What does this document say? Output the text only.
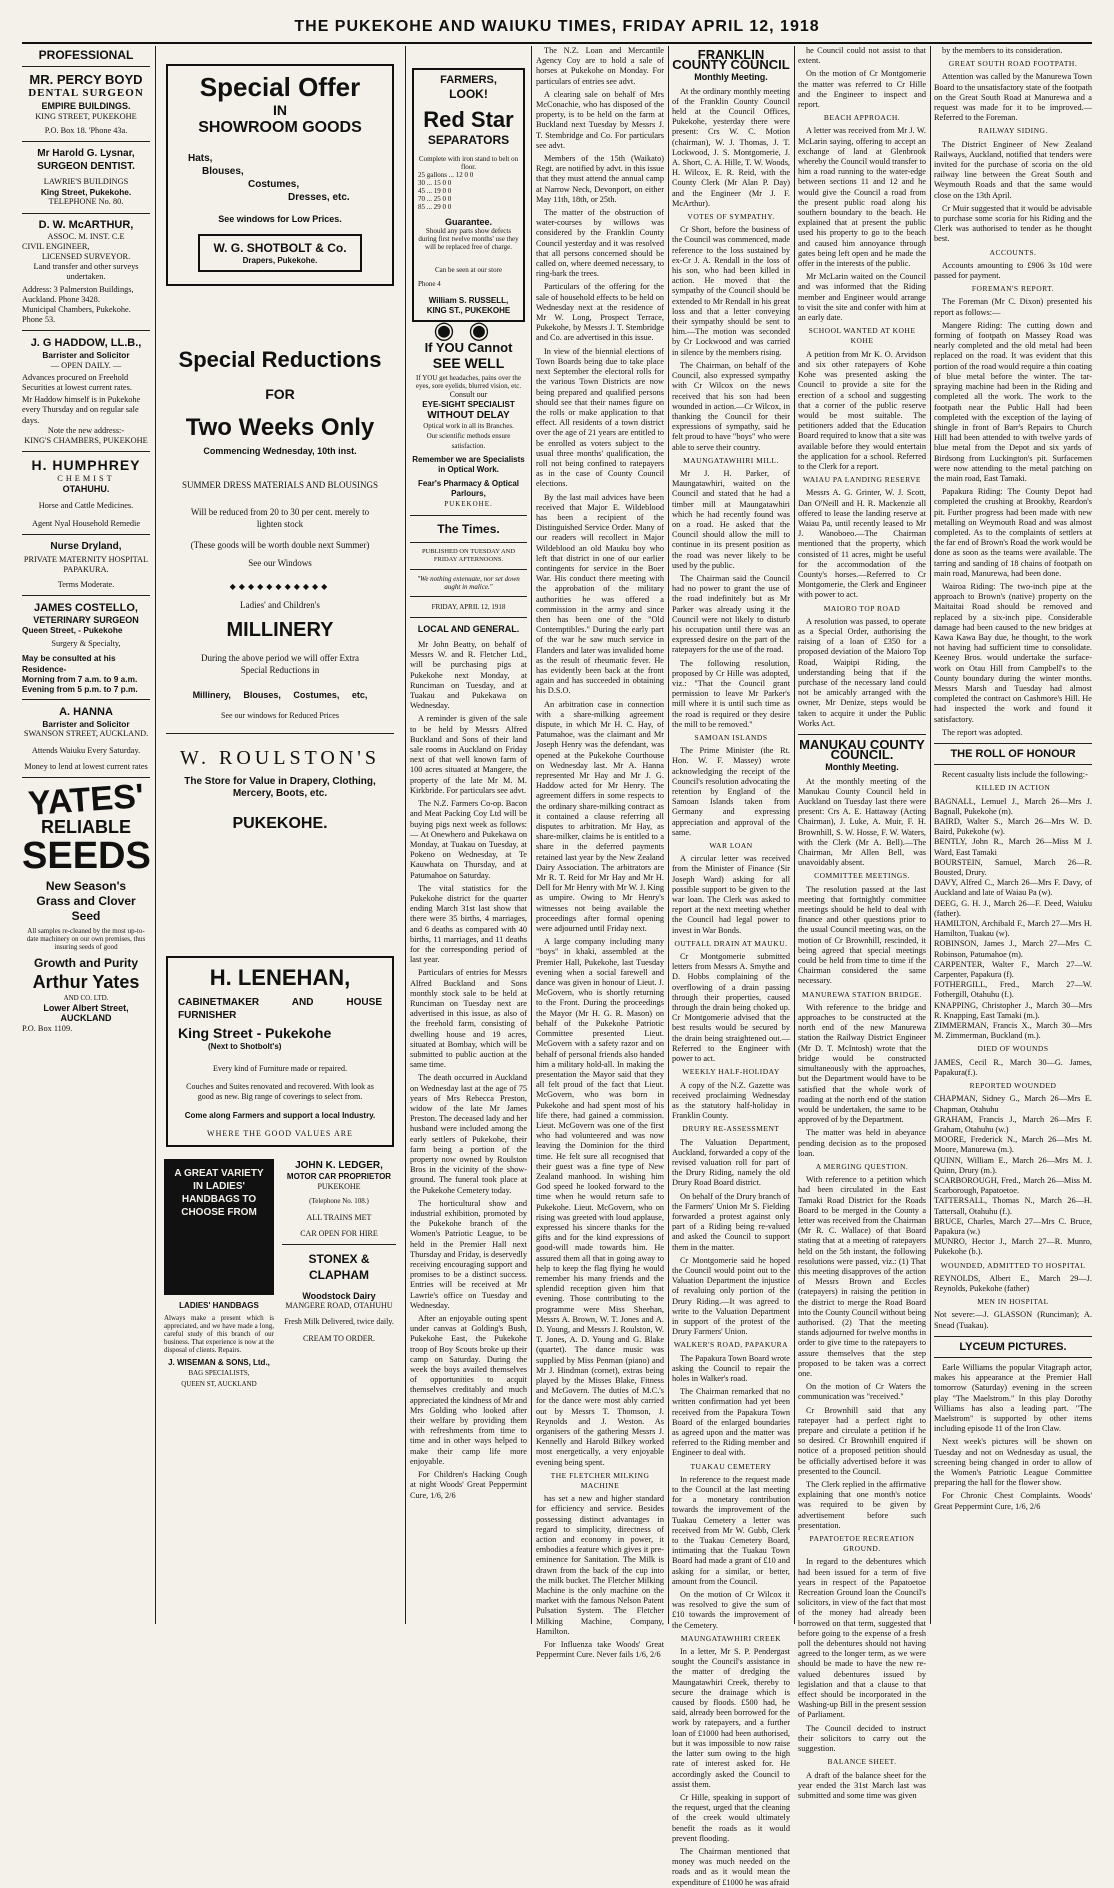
THE PUKEKOHE AND WAIUKU TIMES, FRIDAY APRIL 12, 1918
PROFESSIONAL
MR. PERCY BOYD
DENTAL SURGEON
EMPIRE BUILDINGS.
KING STREET, PUKEKOHE
P.O. Box 18. 'Phone 43a.
Mr Harold G. Lysnar,
SURGEON DENTIST.
LAWRIE'S BUILDINGS
King Street, Pukekohe.
TELEPHONE No. 80.
D. W. McARTHUR,
ASSOC. M. INST. C.E
CIVIL ENGINEER,
LICENSED SURVEYOR.
Land transfer and other surveys undertaken.
Address: 3 Palmerston Buildings, Auckland. Phone 3428.
Municipal Chambers, Pukekohe. Phone 53.
J. G HADDOW, LL.B.,
Barrister and Solicitor
— OPEN DAILY. —
Advances procured on Freehold Securities at lowest current rates.
Mr Haddow himself is in Pukekohe every Thursday and on regular sale days.
Note the new address:-
KING'S CHAMBERS, PUKEKOHE
H. HUMPHREY
CHEMIST
OTAHUHU.
Horse and Cattle Medicines.
Agent Nyal Household Remedie
Nurse Dryland,
PRIVATE MATERNITY HOSPITAL
PAPAKURA.
Terms Moderate.
JAMES COSTELLO,
VETERINARY SURGEON
Queen Street, - Pukekohe
Surgery & Specialty,
May be consulted at his Residence-
Morning from 7 a.m. to 9 a.m.
Evening from 5 p.m. to 7 p.m.
A. HANNA
Barrister and Solicitor
SWANSON STREET, AUCKLAND.
Attends Waiuku Every Saturday.
Money to lend at lowest current rates
YATES'
RELIABLE
SEEDS
New Season's
Grass and Clover
Seed
All samples re-cleaned by the most up-to-date machinery on our own premises, thus insuring seeds of good
Growth and Purity
Arthur Yates
AND CO. LTD.
Lower Albert Street,
AUCKLAND
P.O. Box 1109.
Special Offer
IN
SHOWROOM GOODS
Hats,
Blouses,
Costumes,
Dresses, etc.
See windows for Low Prices.
W. G. SHOTBOLT & Co.
Drapers, Pukekohe.
Special Reductions
FOR
Two Weeks Only
Commencing Wednesday, 10th inst.
SUMMER DRESS MATERIALS AND BLOUSINGS
Will be reduced from 20 to 30 per cent. merely to lighten stock
(These goods will be worth double next Summer)
See our Windows
◆◆◆◆◆◆◆◆◆◆◆
Ladies' and Children's
MILLINERY
During the above period we will offer Extra Special Reductions in
Millinery, Blouses, Costumes, etc,
See our windows for Reduced Prices
W. ROULSTON'S
The Store for Value in Drapery, Clothing, Mercery, Boots, etc.
PUKEKOHE.
H. LENEHAN,
CABINETMAKER AND HOUSE FURNISHER
King Street - Pukekohe
(Next to Shotbolt's)
Every kind of Furniture made or repaired.
Couches and Suites renovated and recovered. With look as good as new. Big range of coverings to select from.
Come along Farmers and support a local Industry.
WHERE THE GOOD VALUES ARE
A GREAT VARIETY IN LADIES' HANDBAGS TO CHOOSE FROM
LADIES' HANDBAGS
Always make a present which is appreciated, and we have made a long, careful study of this branch of our business. That experience is now at the disposal of clients. Repairs.
J. WISEMAN & SONS, Ltd.,
BAG SPECIALISTS,
QUEEN ST, AUCKLAND
JOHN K. LEDGER,
MOTOR CAR PROPRIETOR
PUKEKOHE
(Telephone No. 108.)
ALL TRAINS MET
CAR OPEN FOR HIRE
STONEX & CLAPHAM
Woodstock Dairy
MANGERE ROAD, OTAHUHU
Fresh Milk Delivered, twice daily.
CREAM TO ORDER.
FARMERS,
LOOK!
Red Star
SEPARATORS
Complete with iron stand to belt on floor.
25 gallons ... 12 0 0
30 ... 15 0 0
45 ... 19 0 0
70 ... 25 0 0
85 ... 29 0 0
Guarantee.
Should any parts show defects during first twelve months' use they will be replaced free of charge.
Can be seen at our store
Phone 4
William S. RUSSELL,
KING ST., PUKEKOHE
◉◉
If YOU Cannot
SEE WELL
If YOU get headaches, pains over the eyes, sore eyelids, blurred vision, etc.
Consult our
EYE-SIGHT SPECIALIST
WITHOUT DELAY
Optical work in all its Branches.
Our scientific methods ensure satisfaction.
Remember we are Specialists in Optical Work.
Fear's Pharmacy & Optical Parlours,
PUKEKOHE.
The Times.
PUBLISHED ON TUESDAY AND FRIDAY AFTERNOONS.
"We nothing extenuate, nor set down aught in malice."
FRIDAY, APRIL 12, 1918
LOCAL AND GENERAL.

Mr John Beatty, on behalf of Messrs W. and R. Fletcher Ltd., will be purchasing pigs at Pukekohe next Monday, at Runciman on Tuesday, and at Tuakau and Pukekawa on Wednesday.

A reminder is given of the sale to be held by Messrs Alfred Buckland and Sons of their land sale rooms in Auckland on Friday next of that well known farm of 100 acres situated at Mangere, the property of the late Mr M. M. Kirkbride. For particulars see advt.

The N.Z. Farmers Co-op. Bacon and Meat Packing Coy Ltd will be buying pigs next week as follows:— At Onewhero and Pukekawa on Monday, at Tuakau on Tuesday, at Pokeno on Wednesday, at Te Kauwhata on Thursday, and at Patumahoe on Saturday.

The vital statistics for the Pukekohe district for the quarter ending March 31st last show that there were 35 births, 4 marriages, and 6 deaths as compared with 40 births, 11 marriages, and 11 deaths for the corresponding period of last year.

Particulars of entries for Messrs Alfred Buckland and Sons monthly stock sale to be held at Runciman on Tuesday next are advertised in this issue, as also of the freehold farm, consisting of dwelling house and 19 acres, situated at Bombay, which will be submitted to public auction at the same time.

The death occurred in Auckland on Wednesday last at the age of 75 years of Mrs Rebecca Preston, widow of the late Mr James Preston. The deceased lady and her husband were included among the early settlers of Pukekohe, their farm being a portion of the property now owned by Roulston Bros in the vicinity of the show-ground. The funeral took place at the Pukekohe Cemetery today.

The horticultural show and industrial exhibition, promoted by the Pukekohe branch of the Women's Patriotic League, to be held in the Premier Hall next Thursday and Friday, is deservedly receiving encouraging support and promises to be a distinct success. Entries will be received at Mr Lawrie's office on Tuesday and Wednesday.

After an enjoyable outing spent under canvas at Golding's Bush, Pukekohe East, the Pukekohe troop of Boy Scouts broke up their camp on Saturday. During the week the boys availed themselves of opportunities to acquit themselves creditably and much appreciated the kindness of Mr and Mrs Golding who looked after their welfare by providing them with refreshments from time to time and in other ways helped to make their camp life more enjoyable.

For Children's Hacking Cough at night Woods' Great Peppermint Cure, 1/6, 2/6

The N.Z. Loan and Mercantile Agency Coy are to hold a sale of horses at Pukekohe on Monday. For particulars of entries see advt.

A clearing sale on behalf of Mrs McConachie, who has disposed of the property, is to be held on the farm at Buckland next Tuesday by Messrs J. T. Stembridge and Co. For particulars see advt.

Members of the 15th (Waikato) Regt. are notified by advt. in this issue that they must attend the annual camp at Narrow Neck, Devonport, on either May 11th, 18th, or 25th.

The matter of the obstruction of water-courses by willows was considered by the Franklin County Council yesterday and it was resolved that all persons concerned should be called on, where deemed necessary, to ring-bark the trees.

Particulars of the offering for the sale of household effects to be held on Wednesday next at the residence of Mr W. Long, Prospect Terrace, Pukekohe, by Messrs J. T. Stembridge and Co. are advertised in this issue.

In view of the biennial elections of Town Boards being due to take place next September the electoral rolls for the various Town Districts are now being prepared and qualified persons should see that their names figure on the rolls or make application to that effect. All residents of a town district over the age of 21 years are entitled to be enrolled as voters subject to the usual three months' qualification, the roll not being confined to ratepayers as in the case of County Council elections.

By the last mail advices have been received that Major E. Wildeblood has been a recipient of the Distinguished Service Order. Many of our readers will recollect in Major Wildeblood an old Mauku boy who left that district in one of our earlier contingents for service in the Boer War. His conduct there meeting with the approbation of the military authorities he was offered a commission in the army and since then has been one of the "Old Contemptibles." During the early part of the war he saw much service in Flanders and later was invalided home as the result of rheumatic fever. He has evidently been back at the front again and has succeeded in obtaining his D.S.O.

An arbitration case in connection with a share-milking agreement dispute, in which Mr H. C. Hay, of Patumahoe, was the claimant and Mr Joseph Henry was the defendant, was opened at the Pukekohe Courthouse on Wednesday last. Mr A. Hanna represented Mr Hay and Mr J. G. Haddow acted for Mr Henry. The agreement differs in some respects to the ordinary share-milking contract as it contained a clause referring all disputes to arbitration. Mr Hay, as share-milker, claims he is entitled to a share in the deferred payments retained last year by the New Zealand Dairy Association. The arbitrators are Mr R. T. Reid for Mr Hay and Mr H. Dell for Mr Henry with Mr W. J. King as umpire. Owing to Mr Henry's witnesses not being available the proceedings after formal opening were adjourned until Friday next.

A large company including many "boys" in khaki, assembled at the Premier Hall, Pukekohe, last Tuesday evening when a social farewell and dance was given in honour of Lieut. J. McGovern, who is shortly returning to the Front. During the proceedings the Mayor (Mr H. G. R. Mason) on behalf of the Pukekohe Patriotic Committee presented Lieut. McGovern with a safety razor and on behalf of personal friends also handed him a military hold-all. In making the presentation the Mayor said that they all felt proud of the fact that Lieut. McGovern, who was born in Pukekohe and had spent most of his life there, had gained a commission. Lieut. McGovern was one of the first who had volunteered and was now leaving the Dominion for the third time. He felt sure all recognised that their guest was a fine type of New Zealand manhood. In wishing him God speed he looked forward to the time when he would return safe to Pukekohe. Lieut. McGovern, who on rising was greeted with loud applause, expressed his sincere thanks for the gifts and for the kind expressions of good-will made towards him. He assured them all that in going away to help to keep the flag flying he would remember his many friends and the splendid reception given him that evening. Those contributing to the programme were Miss Sheehan, Messrs A. Brown, W. T. Jones and A. D. Young, and Messrs J. Roulston, W. T. Jones, A. D. Young and G. Blake (quartet). The dance music was supplied by Miss Penman (piano) and Mr J. Hindman (cornet), extras being played by the Misses Blake, Fitness and McGovern. The duties of M.C.'s for the dance were most ably carried out by Messrs T. Thomson, J. Reynolds and J. Weston. As organisers of the gathering Messrs J. Kennelly and Harold Bilkey worked most energetically, a very enjoyable evening being spent.

THE FLETCHER MILKING MACHINE

has set a new and higher standard for efficiency and service. Besides possessing distinct advantages in regard to simplicity, directness of action and economy in power, it embodies a feature which gives it pre-eminence for Sanitation. The Milk is drawn from the back of the cup into the milk bucket. The Fletcher Milking Machine is the only machine on the market with the famous Nelson Patent Pulsation System. The Fletcher Milking Machine, Company, Hamilton.

For Influenza take Woods' Great Peppermint Cure. Never fails 1/6, 2/6

FRANKLIN COUNTY COUNCIL
Monthly Meeting.

At the ordinary monthly meeting of the Franklin County Council held at the Council Offices, Pukekohe, yesterday there were present: Crs W. C. Motion (chairman), W. J. Thomas, J. T. Lockwood, J. S. Montgomerie, J. A. Short, C. A. Hille, T. W. Woods, H. Wilcox, E. R. Reid, with the County Clerk (Mr Alan P. Day) and the Engineer (Mr J. F. McArthur).

VOTES OF SYMPATHY.

Cr Short, before the business of the Council was commenced, made reference to the loss sustained by ex-Cr J. A. Rendall in the loss of his son, who had been killed in action. He moved that the sympathy of the Council should be extended to Mr Rendall in his great loss and that a letter conveying their sympathy should be sent to him.—The motion was seconded by Cr Lockwood and was carried in silence by the members rising.

The Chairman, on behalf of the Council, also expressed sympathy with Cr Wilcox on the news received that his son had been wounded in action.—Cr Wilcox, in thanking the Council for their expressions of sympathy, said he felt proud to have "boys" who were able to serve their country.

MAUNGATAWHIRI MILL.

Mr J. H. Parker, of Maungatawhiri, waited on the Council and stated that he had a timber mill at Maungatawhiri which he had recently found was on a road. He asked that the Council should allow the mill to continue in its present position as the road was never likely to be used by the public.

The Chairman said the Council had no power to grant the use of the road indefinitely but as Mr Parker was already using it the Council were not likely to disturb his occupation until there was an expressed desire on the part of the ratepayers for the use of the road.

The following resolution, proposed by Cr Hille was adopted, viz.: "That the Council grant permission to leave Mr Parker's mill where it is until such time as the road is required or they desire the mill to be removed."

SAMOAN ISLANDS

The Prime Minister (the Rt. Hon. W. F. Massey) wrote acknowledging the receipt of the Council's resolution advocating the retention by England of the Samoan Islands taken from Germany and expressing appreciation and approval of the same.

WAR LOAN

A circular letter was received from the Minister of Finance (Sir Joseph Ward) asking for all possible support to be given to the war loan. The Clerk was asked to report at the next meeting whether the Council had legal power to invest in War Bonds.

OUTFALL DRAIN AT MAUKU.

Cr Montgomerie submitted letters from Messrs A. Smythe and D. Hobbs complaining of the overflowing of a drain passing through their properties, caused through the drain being choked up. Cr Montgomerie advised that the best results would be secured by the drain being straightened out.—Referred to the Engineer with power to act.

WEEKLY HALF-HOLIDAY

A copy of the N.Z. Gazette was received proclaiming Wednesday as the statutory half-holiday in Franklin County.

DRURY RE-ASSESSMENT

The Valuation Department, Auckland, forwarded a copy of the revised valuation roll for part of the Drury Riding, namely the old Drury Road Board district.

On behalf of the Drury branch of the Farmers' Union Mr S. Fielding forwarded a protest against only part of a Riding being re-valued and asked the Council to support them in the matter.

Cr Montgomerie said he hoped the Council would point out to the Valuation Department the injustice of revaluing only portion of the Drury Riding.—It was agreed to write to the Valuation Department in support of the protest of the Drury Farmers' Union.

WALKER'S ROAD, PAPAKURA

The Papakura Town Board wrote asking the Council to repair the holes in Walker's road.

The Chairman remarked that no written confirmation had yet been received from the Papakura Town Board of the enlarged boundaries as agreed upon and the matter was referred to the Riding member and Engineer to deal with.

TUAKAU CEMETERY

In reference to the request made to the Council at the last meeting for a monetary contribution towards the improvement of the Tuakau Cemetery a letter was received from Mr W. Gubb, Clerk to the Tuakau Cemetery Board, intimating that the Tuakau Town Board had made a grant of £10 and asking for a similar, or better, amount from the Council.

On the motion of Cr Wilcox it was resolved to give the sum of £10 towards the improvement of the Cemetery.

MAUNGATAWHIRI CREEK

In a letter, Mr S. P. Pendergast sought the Council's assistance in the matter of dredging the Maungatawhiri Creek, thereby to secure the drainage which is caused by floods. £500 had, he said, already been borrowed for the work by ratepayers, and a further loan of £1000 had been authorised, but it was impossible to now raise the latter sum owing to the high rate of interest asked for. He accordingly asked the Council to assist them.

Cr Hille, speaking in support of the request, urged that the cleaning of the creek would ultimately benefit the roads as it would prevent flooding.

The Chairman mentioned that money was much needed on the roads and as it would mean the expenditure of £1000 he was afraid

he Council could not assist to that extent.

On the motion of Cr Montgomerie the matter was referred to Cr Hille and the Engineer to inspect and report.

BEACH APPROACH.

A letter was received from Mr J. W. McLarin saying, offering to accept an exchange of land at Glenbrook whereby the Council would transfer to him a road running to the water-edge between sections 11 and 12 and he would give the Council a road from the present public road along his southern boundary to the beach. He explained that at present the public used his property to go to the beach and caused him annoyance through gates being left open and he made the offer in the interests of the public.

Mr McLarin waited on the Council and was informed that the Riding member and Engineer would arrange to visit the site and confer with him at an early date.

SCHOOL WANTED AT KOHE KOHE

A petition from Mr K. O. Arvidson and six other ratepayers of Kohe Kohe was presented asking the Council to provide a site for the erection of a school and suggesting that a corner of the public reserve would be most suitable. The petitioners added that the Education Board required to know that a site was available before they would entertain the application for a school. Referred to the Clerk for a report.

WAIAU PA LANDING RESERVE

Messrs A. G. Grinter, W. J. Scott, Dan O'Neill and H. R. Mackenzie all offered to lease the landing reserve at Waiau Pa, until recently leased to Mr J. Wanoboeo.—The Chairman mentioned that the property, which consisted of 11 acres, might be useful for the accommodation of the County's horses.—Referred to Cr Montgomerie, the Clerk and Engineer with power to act.

MAIORO TOP ROAD

A resolution was passed, to operate as a Special Order, authorising the raising of a loan of £350 for a proposed deviation of the Maioro Top Road, Waipipi Riding, the understanding being that if the purchase of the necessary land could not be amicably arranged with the owner, Mr Denize, steps would be taken to acquire it under the Public Works Act.

MANUKAU COUNTY COUNCIL.
Monthly Meeting.

At the monthly meeting of the Manukau County Council held in Auckland on Tuesday last there were present: Crs A. E. Hattaway (Acting Chairman), J. Luke, A. Muir, F. H. Brownhill, S. W. Hosse, F. W. Waters, with the Clerk (Mr A. Bell).—The Chairman, Mr Allen Bell, was unavoidably absent.

COMMITTEE MEETINGS.

The resolution passed at the last meeting that fortnightly committee meetings should be held to deal with finance and other questions prior to the usual Council meeting was, on the motion of Cr Brownhill, rescinded, it being agreed that special meetings could be held from time to time if the Chairman considered the same necessary.

MANUREWA STATION BRIDGE.

With reference to the bridge and approaches to be constructed at the north end of the new Manurewa station the Railway District Engineer (Mr D. T. McIntosh) wrote that the bridge would be constructed simultaneously with the approaches, but the Department would have to be satisfied that the whole work of roading at the north end of the station would be undertaken, the same to be approved of by the Department.

The matter was held in abeyance pending decision as to the proposed loan.

A MERGING QUESTION.

With reference to a petition which had been circulated in the East Tamaki Road District for the Roads Board to be merged in the County a letter was received from the Chairman (Mr R. C. Wallace) of that Board stating that at a meeting of ratepayers held on the 5th instant, the following resolutions were passed, viz.: (1) That this meeting disapproves of the action of Messrs Brown and Eccles (ratepayers) in raising the petition in the district to merge the Road Board into the County Council without being authorised. (2) That the meeting stands adjourned for twelve months in order to give time to the ratepayers to assure themselves that the step proposed to be taken was a correct one.

On the motion of Cr Waters the communication was "received."

Cr Brownhill said that any ratepayer had a perfect right to prepare and circulate a petition if he so desired. Cr Brownhill enquired if notice of a proposed petition should be officially advertised before it was presented to the Council.

The Clerk replied in the affirmative explaining that one month's notice was required to be given by advertisement before such presentation.

PAPATOETOE RECREATION GROUND.

In regard to the debentures which had been issued for a term of five years in respect of the Papatoetoe Recreation Ground loan the Council's solicitors, in view of the fact that most of the money had already been borrowed on that term, suggested that before going to the expense of a fresh poll the debentures should not having agreed to the longer term, as we were should be made to have the new re-valued debentures issued by legislation and that a clause to that effect should be incorporated in the Washing-up Bill in the present session of Parliament.

The Council decided to instruct their solicitors to carry out the suggestion.

BALANCE SHEET.

A draft of the balance sheet for the year ended the 31st March last was submitted and some time was given

by the members to its consideration.

GREAT SOUTH ROAD FOOTPATH.

Attention was called by the Manurewa Town Board to the unsatisfactory state of the footpath on the Great South Road at Manurewa and a request was made for it to be improved.—Referred to the Foreman.

RAILWAY SIDING.

The District Engineer of New Zealand Railways, Auckland, notified that tenders were invited for the purchase of scoria on the old railway line between the Great South and Weymouth Roads and that the same would close on the 13th April.

Cr Muir suggested that it would be advisable to purchase some scoria for his Riding and the Clerk was authorised to tender as he thought best.

ACCOUNTS.

Accounts amounting to £906 3s 10d were passed for payment.

FOREMAN'S REPORT.

The Foreman (Mr C. Dixon) presented his report as follows:—

Mangere Riding: The cutting down and forming of footpath on Massey Road was nearly completed and the old metal had been replaced on the road. It was evident that this portion of the road would require a thin coating of blue metal before the winter. The tar-spraying machine had been in the Riding and completed all the work. The work to the footpath near the Public Hall had been completed with the exception of the laying of shingle in front of Barr's Repairs to Church Hill had been attended to with twelve yards of blue metal from the Depot and six yards of Birdsong from Luckington's pit. Surfacemen were now attending to the metal patching on the main road, East Tamaki.

Papakura Riding: The County Depot had completed the crushing at Brookby, Reardon's pit. Further progress had been made with new metalling on Weymouth Road and was almost completed. As to the complaints of settlers at the far end of Brown's Road the work would be done as soon as the teams were available. The tarring and sanding of 18 chains of footpath on main road, Manurewa, had been done.

Wairoa Riding: The two-inch pipe at the approach to Brown's (native) property on the Maitaitai Road should be removed and replaced by a six-inch pipe. Considerable damage had been caused to the new bridges at Kawa Kawa Bay due, he thought, to the work not having had sufficient time to consolidate. Keeney Bros. would undertake the surface-work on Otau Hill from Campbell's to the County boundary during the winter months. Messrs Marsh and Tuesday had almost completed the contract on Cashmore's Hill. He had inspected the work and found it satisfactory.

The report was adopted.

THE ROLL OF HONOUR

Recent casualty lists include the following:-

KILLED IN ACTION
BAGNALL, Lemuel J., March 26—Mrs J. Bagnall, Pukekohe (m).
BAIRD, Walter S., March 26—Mrs W. D. Baird, Pukekohe (w).
BENTLY, John R., March 26—Miss M J. Ward, East Tamaki
BOURSTEIN, Samuel, March 26—R. Bousted, Drury.
DAVY, Alfred C., March 26—Mrs F. Davy, of Auckland and late of Waiau Pa (w).
DEEG, G. H. J., March 26—F. Deed, Waiuku (father).
HAMILTON, Archibald F., March 27—Mrs H. Hamilton, Tuakau (w).
ROBINSON, James J., March 27—Mrs C. Robinson, Patumahoe (m).
CARPENTER, Walter F., March 27—W. Carpenter, Papakura (f).
FOTHERGILL, Fred., March 27—W. Fothergill, Otahuhu (f.).
KNAPPING, Christopher J., March 30—Mrs R. Knapping, East Tamaki (m.).
ZIMMERMAN, Francis X., March 30—Mrs M. Zimmerman, Buckland (m.).
DIED OF WOUNDS
JAMES, Cecil R., March 30—G. James, Papakura(f.).
REPORTED WOUNDED
CHAPMAN, Sidney G., March 26—Mrs E. Chapman, Otahuhu
GRAHAM, Francis J., March 26—Mrs F. Graham, Otahuhu (w.)
MOORE, Frederick N., March 26—Mrs M. Moore, Manurewa (m.).
QUINN, William E., March 26—Mrs M. J. Quinn, Drury (m.).
SCARBOROUGH, Fred., March 26—Miss M. Scarborough, Papatoetoe.
TATTERSALL, Thomas N., March 26—H. Tattersall, Otahuhu (f.).
BRUCE, Charles, March 27—Mrs C. Bruce, Papakura (w.)
MUNRO, Hector J., March 27—R. Munro, Pukekohe (b.).
WOUNDED, ADMITTED TO HOSPITAL
REYNOLDS, Albert E., March 29—J. Reynolds, Pukekohe (father)
MEN IN HOSPITAL
Not severe:—J. GLASSON (Runciman); A. Snead (Tuakau).
LYCEUM PICTURES.

Earle Williams the popular Vitagraph actor, makes his appearance at the Premier Hall tomorrow (Saturday) evening in the screen play "The Maelstrom." In this play Dorothy Williams has also a leading part. "The Maelstrom" is supported by other items including episode 11 of the Iron Claw.

Next week's pictures will be shown on Tuesday and not on Wednesday as usual, the screening being changed in order to allow of the Women's Patriotic League Committee preparing the hall for the flower show.

For Chronic Chest Complaints. Woods' Great Peppermint Cure, 1/6, 2/6
